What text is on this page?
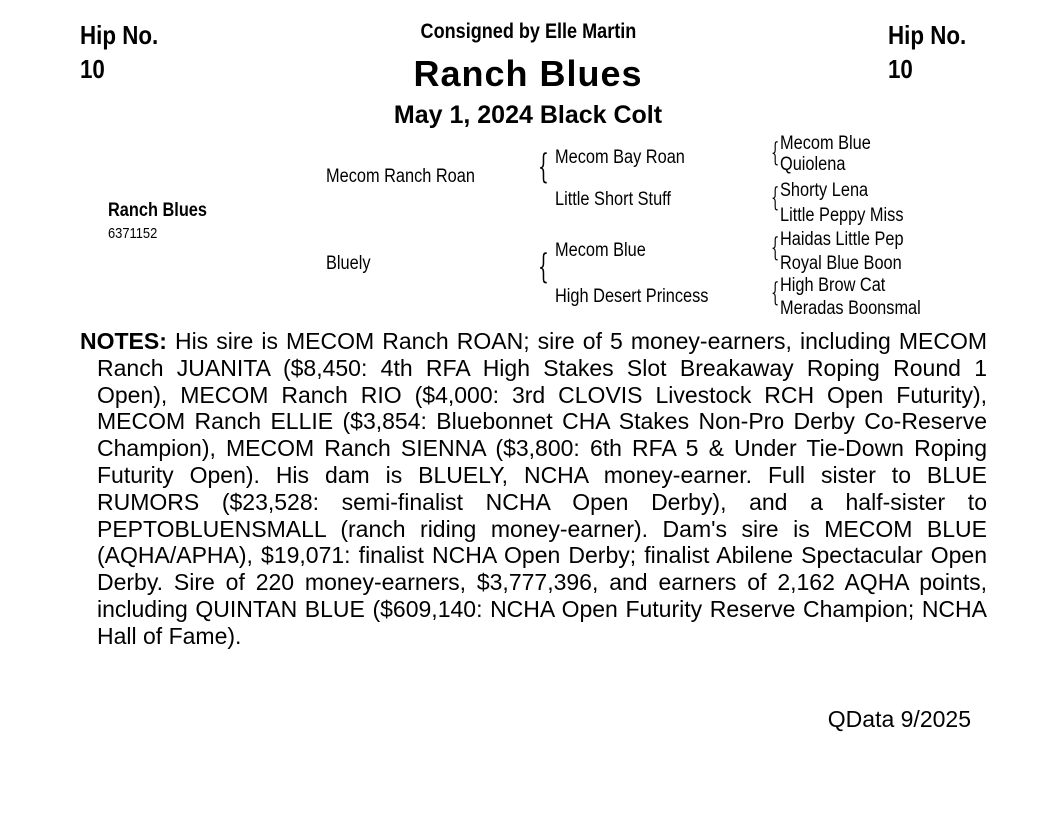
Hip No.
10
Hip No.
10
Consigned by Elle Martin
Ranch Blues
May 1, 2024 Black Colt
Ranch Blues
6371152
Mecom Ranch Roan
Bluely
{ Mecom Bay Roan
Little Short Stuff
{ Mecom Blue
High Desert Princess
{ Mecom Blue
Quiolena
{ Shorty Lena
Little Peppy Miss
{ Haidas Little Pep
Royal Blue Boon
{ High Brow Cat
Meradas Boonsmal
NOTES: His sire is MECOM Ranch ROAN; sire of 5 money-earners, including MECOM Ranch JUANITA ($8,450: 4th RFA High Stakes Slot Breakaway Roping Round 1 Open), MECOM Ranch RIO ($4,000: 3rd CLOVIS Livestock RCH Open Futurity), MECOM Ranch ELLIE ($3,854: Bluebonnet CHA Stakes Non-Pro Derby Co-Reserve Champion), MECOM Ranch SIENNA ($3,800: 6th RFA 5 & Under Tie-Down Roping Futurity Open). His dam is BLUELY, NCHA money-earner. Full sister to BLUE RUMORS ($23,528: semi-finalist NCHA Open Derby), and a half-sister to PEPTOBLUENSMALL (ranch riding money-earner). Dam's sire is MECOM BLUE (AQHA/APHA), $19,071: finalist NCHA Open Derby; finalist Abilene Spectacular Open Derby. Sire of 220 money-earners, $3,777,396, and earners of 2,162 AQHA points, including QUINTAN BLUE ($609,140: NCHA Open Futurity Reserve Champion; NCHA Hall of Fame).
QData 9/2025
